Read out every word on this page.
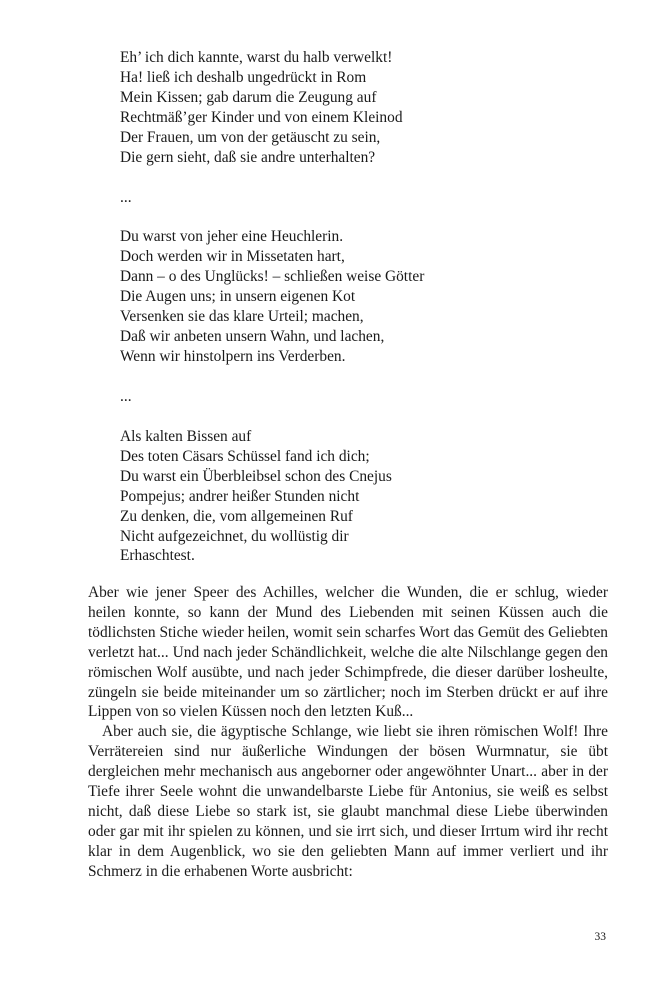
Eh’ ich dich kannte, warst du halb verwelkt!
Ha! ließ ich deshalb ungedrückt in Rom
Mein Kissen; gab darum die Zeugung auf
Rechtmäß’ger Kinder und von einem Kleinod
Der Frauen, um von der getäuscht zu sein,
Die gern sieht, daß sie andre unterhalten?
...
Du warst von jeher eine Heuchlerin.
Doch werden wir in Missetaten hart,
Dann – o des Unglücks! – schließen weise Götter
Die Augen uns; in unsern eigenen Kot
Versenken sie das klare Urteil; machen,
Daß wir anbeten unsern Wahn, und lachen,
Wenn wir hinstolpern ins Verderben.
...
Als kalten Bissen auf
Des toten Cäsars Schüssel fand ich dich;
Du warst ein Überbleibsel schon des Cnejus
Pompejus; andrer heißer Stunden nicht
Zu denken, die, vom allgemeinen Ruf
Nicht aufgezeichnet, du wollüstig dir
Erhaschtest.

Aber wie jener Speer des Achilles, welcher die Wunden, die er schlug, wieder heilen konnte, so kann der Mund des Liebenden mit seinen Küssen auch die tödlichsten Stiche wieder heilen, womit sein scharfes Wort das Gemüt des Geliebten verletzt hat... Und nach jeder Schändlichkeit, welche die alte Nilschlange gegen den römischen Wolf ausübte, und nach jeder Schimpfrede, die dieser darüber losheulte, züngeln sie beide miteinander um so zärtlicher; noch im Sterben drückt er auf ihre Lippen von so vielen Küssen noch den letzten Kuß...

Aber auch sie, die ägyptische Schlange, wie liebt sie ihren römischen Wolf! Ihre Verrätereien sind nur äußerliche Windungen der bösen Wurmnatur, sie übt dergleichen mehr mechanisch aus angeborner oder angewöhnter Unart... aber in der Tiefe ihrer Seele wohnt die unwandelbarste Liebe für Antonius, sie weiß es selbst nicht, daß diese Liebe so stark ist, sie glaubt manchmal diese Liebe überwinden oder gar mit ihr spielen zu können, und sie irrt sich, und dieser Irrtum wird ihr recht klar in dem Augenblick, wo sie den geliebten Mann auf immer verliert und ihr Schmerz in die erhabenen Worte ausbricht:

33
